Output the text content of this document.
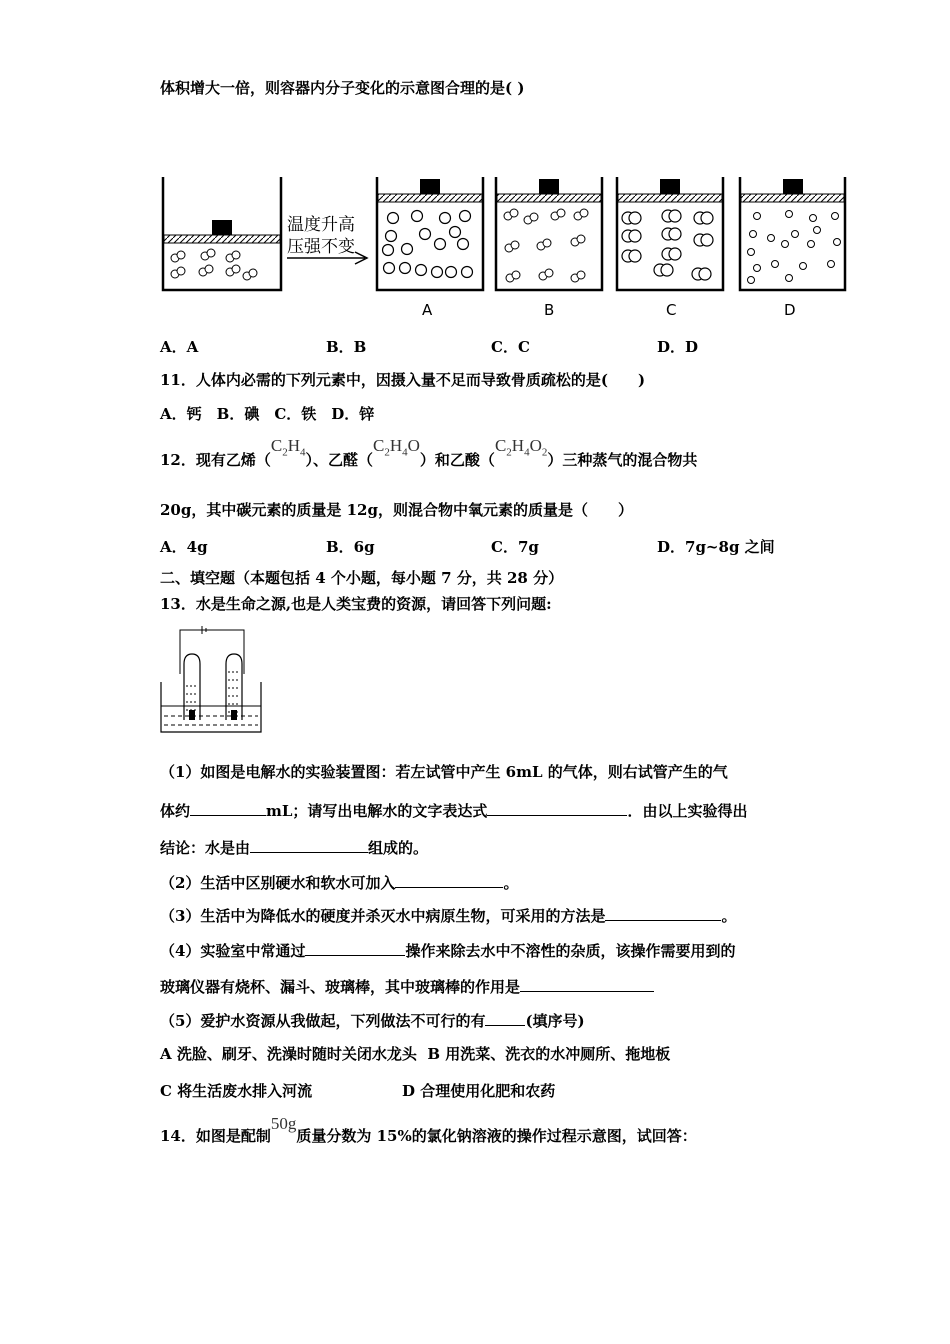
体积增大一倍，则容器内分子变化的示意图合理的是( )
温度升高
压强不变
A	B	C	D
A．A	B．B	C．C	D．D
11．人体内必需的下列元素中，因摄入量不足而导致骨质疏松的是(　　)
A．钙　B．碘　C．铁　D．锌
12．现有乙烯$(C_2H_4)$、乙醛$(C_2H_4O)$和乙酸$(C_2H_4O_2)$三种蒸气的混合物共
20g，其中碳元素的质量是 12g，则混合物中氧元素的质量是（　　）
A．4g	B．6g	C．7g	D．7g~8g 之间
二、填空题（本题包括 4 个小题，每小题 7 分，共 28 分）
13．水是生命之源,也是人类宝费的资源，请回答下列问题:
（1）如图是电解水的实验装置图：若左试管中产生 6mL 的气体，则右试管产生的气
体约	mL；请写出电解水的文字表达式	．由以上实验得出
结论：水是由	组成的。
（2）生活中区别硬水和软水可加入	。
（3）生活中为降低水的硬度并杀灭水中病原生物，可采用的方法是	。
（4）实验室中常通过	操作来除去水中不溶性的杂质，该操作需要用到的
玻璃仪器有烧杯、漏斗、玻璃棒，其中玻璃棒的作用是
（5）爱护水资源从我做起，下列做法不可行的有	(填序号)
A 洗脸、刷牙、洗澡时随时关闭水龙头 B 用洗菜、洗衣的水冲厕所、拖地板
C 将生活废水排入河流	D 合理使用化肥和农药
14．如图是配制50g质量分数为 15%的氯化钠溶液的操作过程示意图，试回答：
